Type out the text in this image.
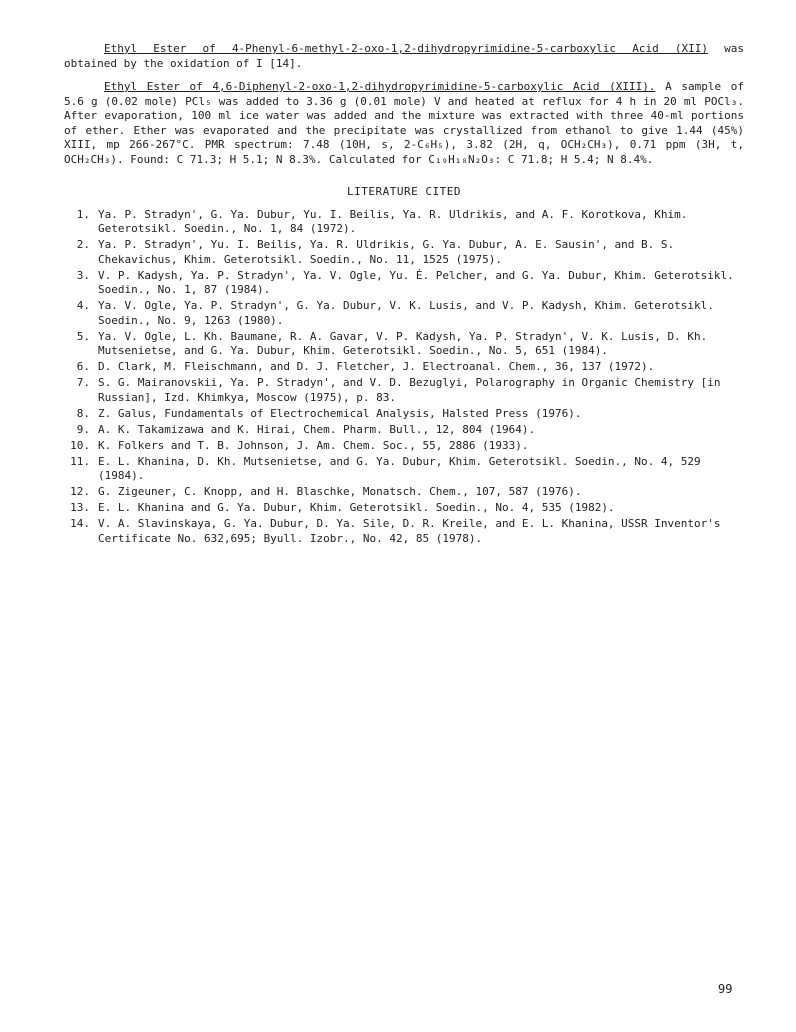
Ethyl Ester of 4-Phenyl-6-methyl-2-oxo-1,2-dihydropyrimidine-5-carboxylic Acid (XII) was obtained by the oxidation of I [14].

Ethyl Ester of 4,6-Diphenyl-2-oxo-1,2-dihydropyrimidine-5-carboxylic Acid (XIII). A sample of 5.6 g (0.02 mole) PCl₅ was added to 3.36 g (0.01 mole) V and heated at reflux for 4 h in 20 ml POCl₃. After evaporation, 100 ml ice water was added and the mixture was extracted with three 40-ml portions of ether. Ether was evaporated and the precipitate was crystallized from ethanol to give 1.44 (45%) XIII, mp 266-267°C. PMR spectrum: 7.48 (10H, s, 2-C₆H₅), 3.82 (2H, q, OCH₂CH₃), 0.71 ppm (3H, t, OCH₂CH₃). Found: C 71.3; H 5.1; N 8.3%. Calculated for C₁₉H₁₈N₂O₃: C 71.8; H 5.4; N 8.4%.

LITERATURE CITED
1. Ya. P. Stradyn', G. Ya. Dubur, Yu. I. Beilis, Ya. R. Uldrikis, and A. F. Korotkova, Khim. Geterotsikl. Soedin., No. 1, 84 (1972).
2. Ya. P. Stradyn', Yu. I. Beilis, Ya. R. Uldrikis, G. Ya. Dubur, A. E. Sausin', and B. S. Chekavichus, Khim. Geterotsikl. Soedin., No. 11, 1525 (1975).
3. V. P. Kadysh, Ya. P. Stradyn', Ya. V. Ogle, Yu. É. Pelcher, and G. Ya. Dubur, Khim. Geterotsikl. Soedin., No. 1, 87 (1984).
4. Ya. V. Ogle, Ya. P. Stradyn', G. Ya. Dubur, V. K. Lusis, and V. P. Kadysh, Khim. Geterotsikl. Soedin., No. 9, 1263 (1980).
5. Ya. V. Ogle, L. Kh. Baumane, R. A. Gavar, V. P. Kadysh, Ya. P. Stradyn', V. K. Lusis, D. Kh. Mutsenietse, and G. Ya. Dubur, Khim. Geterotsikl. Soedin., No. 5, 651 (1984).
6. D. Clark, M. Fleischmann, and D. J. Fletcher, J. Electroanal. Chem., 36, 137 (1972).
7. S. G. Mairanovskii, Ya. P. Stradyn', and V. D. Bezuglyi, Polarography in Organic Chemistry [in Russian], Izd. Khimkya, Moscow (1975), p. 83.
8. Z. Galus, Fundamentals of Electrochemical Analysis, Halsted Press (1976).
9. A. K. Takamizawa and K. Hirai, Chem. Pharm. Bull., 12, 804 (1964).
10. K. Folkers and T. B. Johnson, J. Am. Chem. Soc., 55, 2886 (1933).
11. E. L. Khanina, D. Kh. Mutsenietse, and G. Ya. Dubur, Khim. Geterotsikl. Soedin., No. 4, 529 (1984).
12. G. Zigeuner, C. Knopp, and H. Blaschke, Monatsch. Chem., 107, 587 (1976).
13. E. L. Khanina and G. Ya. Dubur, Khim. Geterotsikl. Soedin., No. 4, 535 (1982).
14. V. A. Slavinskaya, G. Ya. Dubur, D. Ya. Sile, D. R. Kreile, and E. L. Khanina, USSR Inventor's Certificate No. 632,695; Byull. Izobr., No. 42, 85 (1978).
99
